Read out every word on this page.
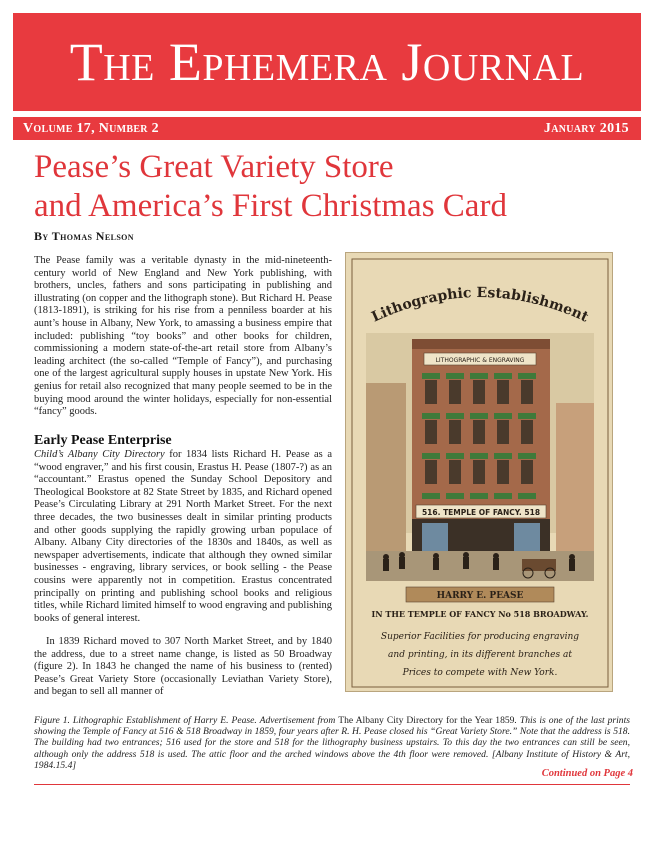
The Ephemera Journal
Volume 17, Number 2	January 2015
Pease’s Great Variety Store
and America’s First Christmas Card
By Thomas Nelson
The Pease family was a veritable dynasty in the mid-nineteenth-century world of New England and New York publishing, with brothers, uncles, fathers and sons participating in publishing and illustrating (on copper and the lithograph stone). But Richard H. Pease (1813-1891), is striking for his rise from a penniless boarder at his aunt’s house in Albany, New York, to amassing a business empire that included: publishing “toy books” and other books for children, commissioning a modern state-of-the-art retail store from Albany’s leading architect (the so-called “Temple of Fancy”), and purchasing one of the largest agricultural supply houses in upstate New York. His genius for retail also recognized that many people seemed to be in the buying mood around the winter holidays, especially for non-essential “fancy” goods.
Early Pease Enterprise
Child’s Albany City Directory for 1834 lists Richard H. Pease as a “wood engraver,” and his first cousin, Erastus H. Pease (1807-?) as an “accountant.” Erastus opened the Sunday School Depository and Theological Bookstore at 82 State Street by 1835, and Richard opened Pease’s Circulating Library at 291 North Market Street. For the next three decades, the two businesses dealt in similar printing products and other goods supplying the rapidly growing urban populace of Albany. Albany City directories of the 1830s and 1840s, as well as newspaper advertisements, indicate that although they owned similar businesses - engraving, library services, or book selling - the Pease cousins were apparently not in competition. Erastus concentrated principally on printing and publishing school books and religious titles, while Richard limited himself to wood engraving and publishing books of general interest.
In 1839 Richard moved to 307 North Market Street, and by 1840 the address, due to a street name change, is listed as 50 Broadway (figure 2). In 1843 he changed the name of his business to (rented) Pease’s Great Variety Store (occasionally Leviathan Variety Store), and began to sell all manner of
Lithographic Establishment
LITHOGRAPHIC & ENGRAVING
516. TEMPLE OF FANCY. 518
HARRY E. PEASE
IN THE TEMPLE OF FANCY No 518 BROADWAY.
Superior Facilities for producing engraving
and printing, in its different branches at
Prices to compete with New York.
Figure 1. Lithographic Establishment of Harry E. Pease. Advertisement from The Albany City Directory for the Year 1859. This is one of the last prints showing the Temple of Fancy at 516 & 518 Broadway in 1859, four years after R. H. Pease closed his “Great Variety Store.” Note that the address is 518. The building had two entrances; 516 used for the store and 518 for the lithography business upstairs. To this day the two entrances can still be seen, although only the address 518 is used. The attic floor and the arched windows above the 4th floor were removed. [Albany Institute of History & Art, 1984.15.4]
Continued on Page 4
